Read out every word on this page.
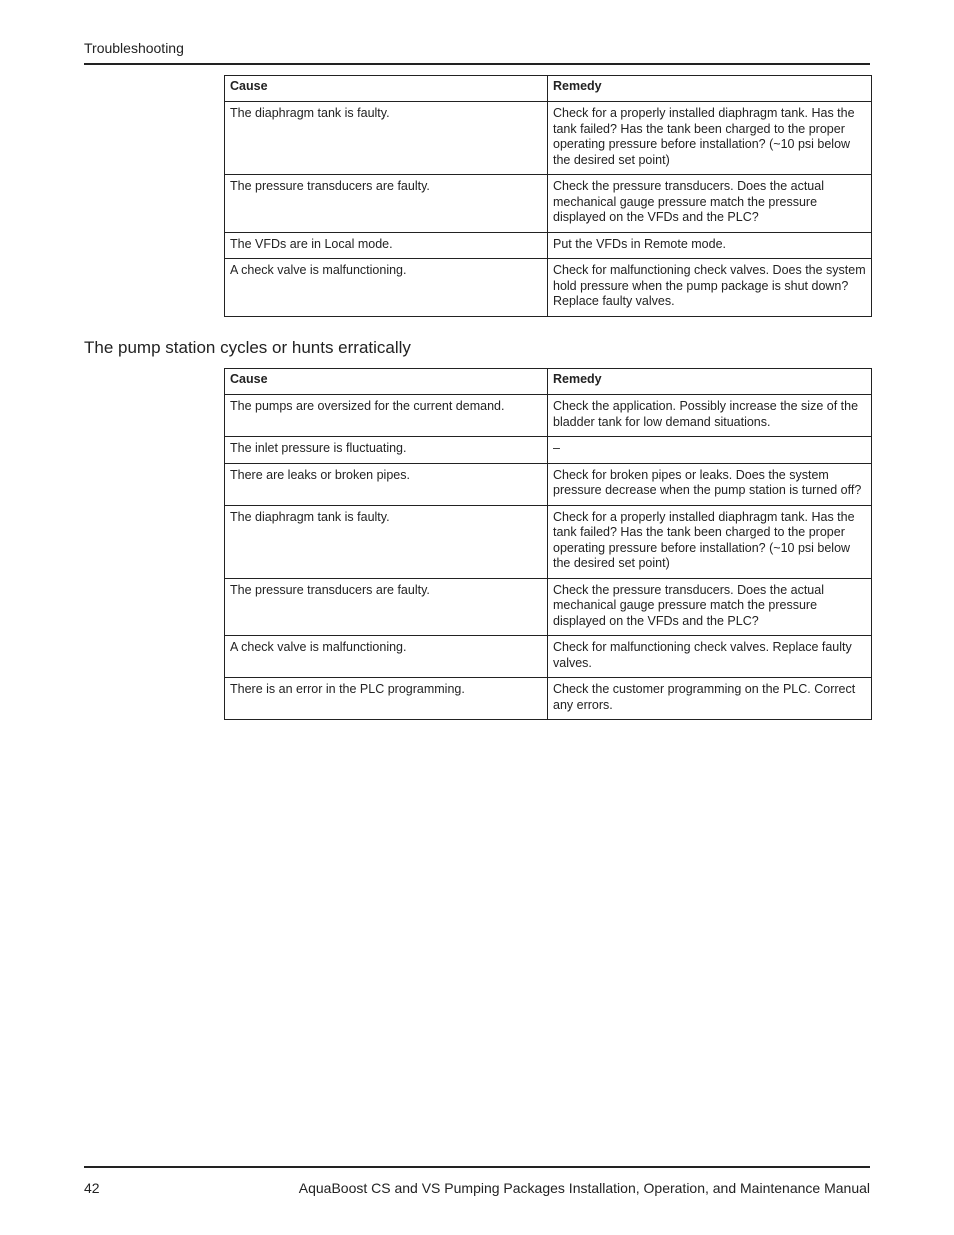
Troubleshooting
Cause	Remedy
The diaphragm tank is faulty.	Check for a properly installed diaphragm tank. Has the tank failed? Has the tank been charged to the proper operating pressure before installation? (~10 psi below the desired set point)
The pressure transducers are faulty.	Check the pressure transducers. Does the actual mechanical gauge pressure match the pressure displayed on the VFDs and the PLC?
The VFDs are in Local mode.	Put the VFDs in Remote mode.
A check valve is malfunctioning.	Check for malfunctioning check valves. Does the system hold pressure when the pump package is shut down? Replace faulty valves.
The pump station cycles or hunts erratically
Cause	Remedy
The pumps are oversized for the current demand.	Check the application. Possibly increase the size of the bladder tank for low demand situations.
The inlet pressure is fluctuating.	–
There are leaks or broken pipes.	Check for broken pipes or leaks. Does the system pressure decrease when the pump station is turned off?
The diaphragm tank is faulty.	Check for a properly installed diaphragm tank. Has the tank failed? Has the tank been charged to the proper operating pressure before installation? (~10 psi below the desired set point)
The pressure transducers are faulty.	Check the pressure transducers. Does the actual mechanical gauge pressure match the pressure displayed on the VFDs and the PLC?
A check valve is malfunctioning.	Check for malfunctioning check valves. Replace faulty valves.
There is an error in the PLC programming.	Check the customer programming on the PLC. Correct any errors.
42	AquaBoost CS and VS Pumping Packages Installation, Operation, and Maintenance Manual
